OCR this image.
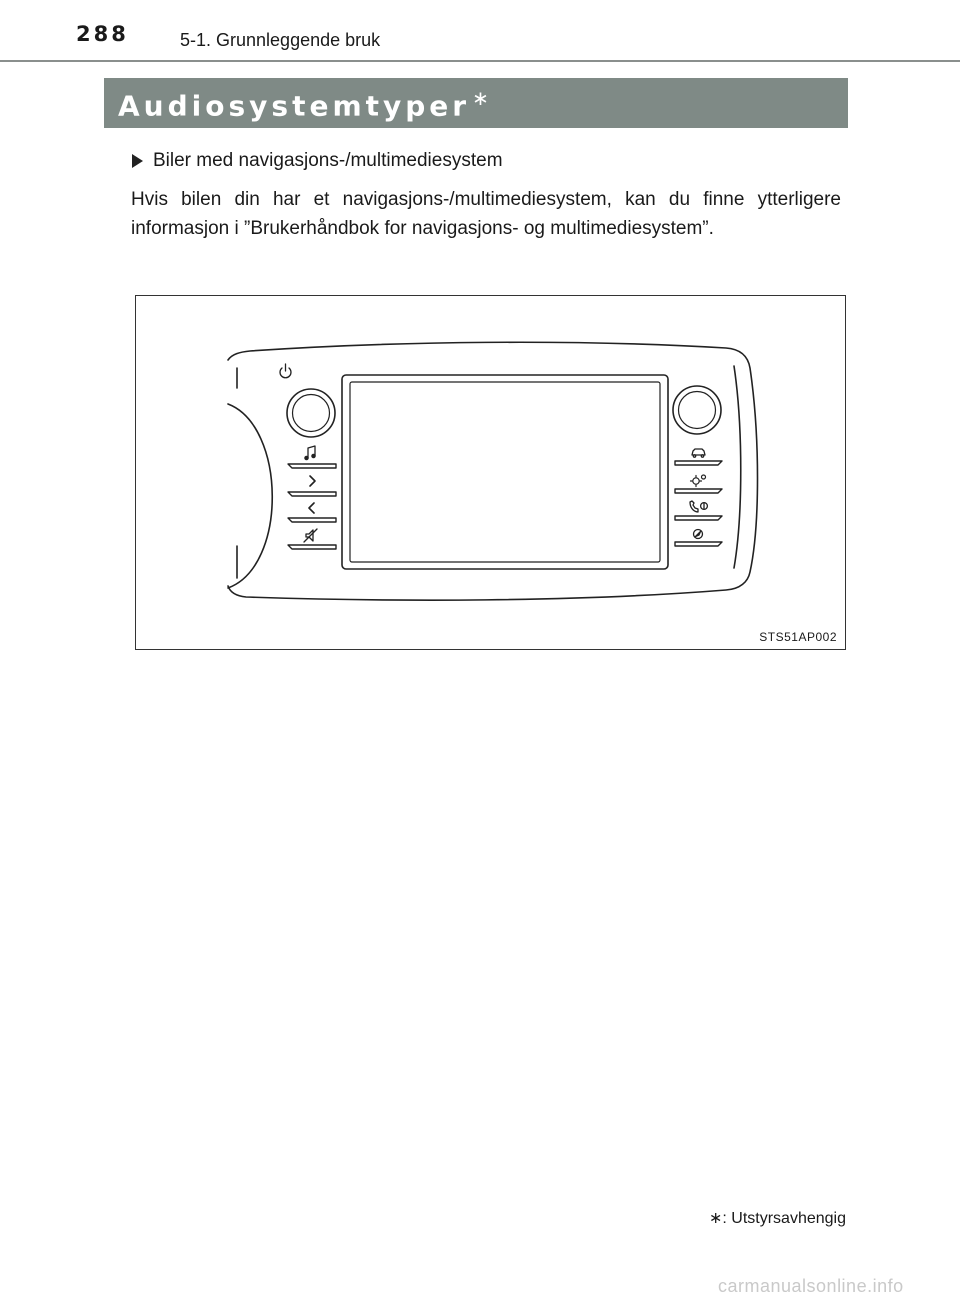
288	5-1. Grunnleggende bruk
Audiosystemtyper ∗
Biler med navigasjons-/multimediesystem

Hvis bilen din har et navigasjons-/multimediesystem, kan du finne ytterligere informasjon i ”Brukerhåndbok for navigasjons- og multimediesystem”.

STS51AP002
∗: Utstyrsavhengig
carmanualsonline.info
